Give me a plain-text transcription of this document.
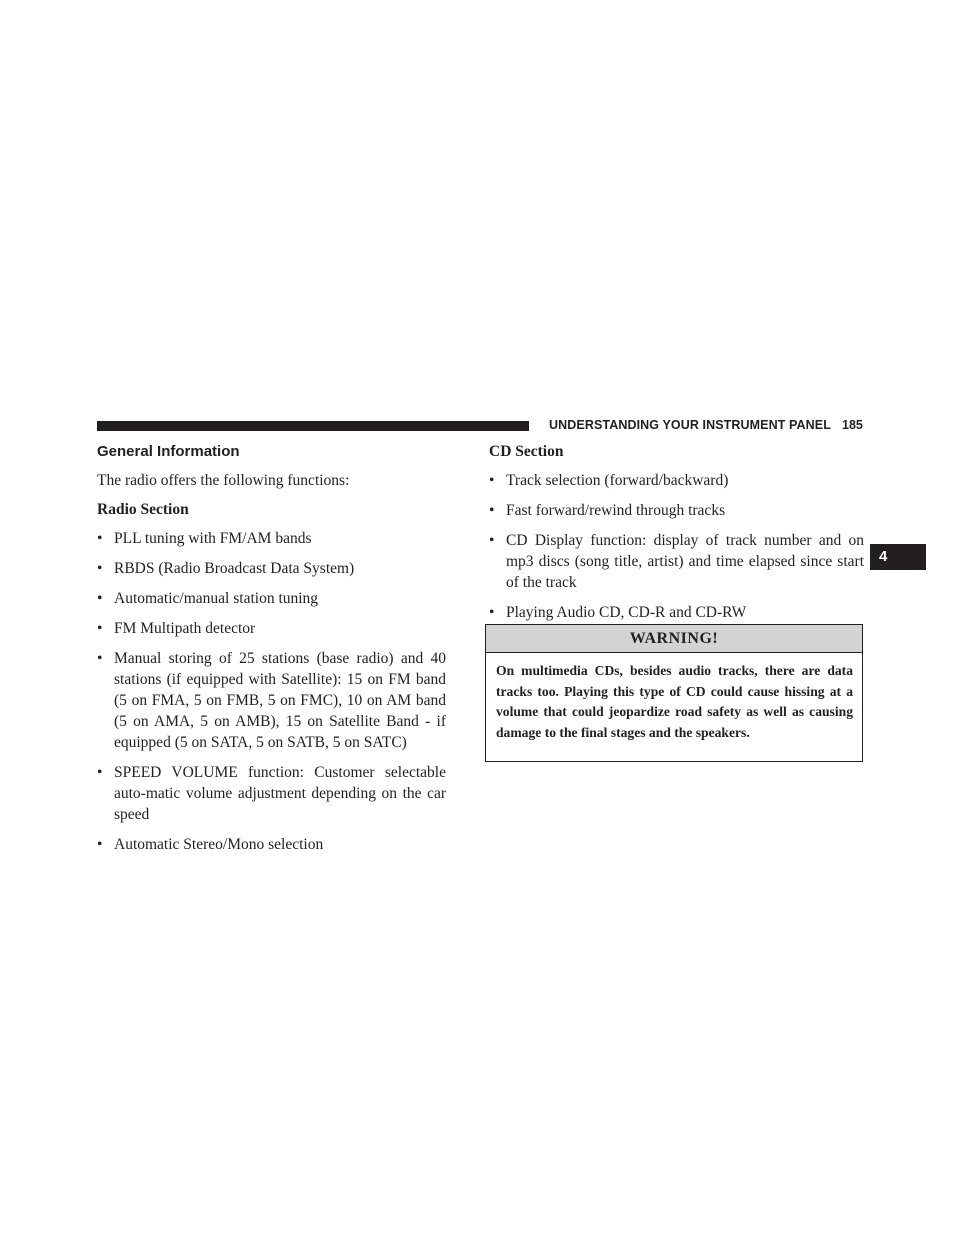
UNDERSTANDING YOUR INSTRUMENT PANEL 185
4
General Information

The radio offers the following functions:

Radio Section

• PLL tuning with FM/AM bands
• RBDS (Radio Broadcast Data System)
• Automatic/manual station tuning
• FM Multipath detector
• Manual storing of 25 stations (base radio) and 40 stations (if equipped with Satellite): 15 on FM band (5 on FMA, 5 on FMB, 5 on FMC), 10 on AM band (5 on AMA, 5 on AMB), 15 on Satellite Band - if equipped (5 on SATA, 5 on SATB, 5 on SATC)
• SPEED VOLUME function: Customer selectable auto-matic volume adjustment depending on the car speed
• Automatic Stereo/Mono selection

CD Section

• Track selection (forward/backward)
• Fast forward/rewind through tracks
• CD Display function: display of track number and on mp3 discs (song title, artist) and time elapsed since start of the track
• Playing Audio CD, CD-R and CD-RW
WARNING!
On multimedia CDs, besides audio tracks, there are data tracks too. Playing this type of CD could cause hissing at a volume that could jeopardize road safety as well as causing damage to the final stages and the speakers.
